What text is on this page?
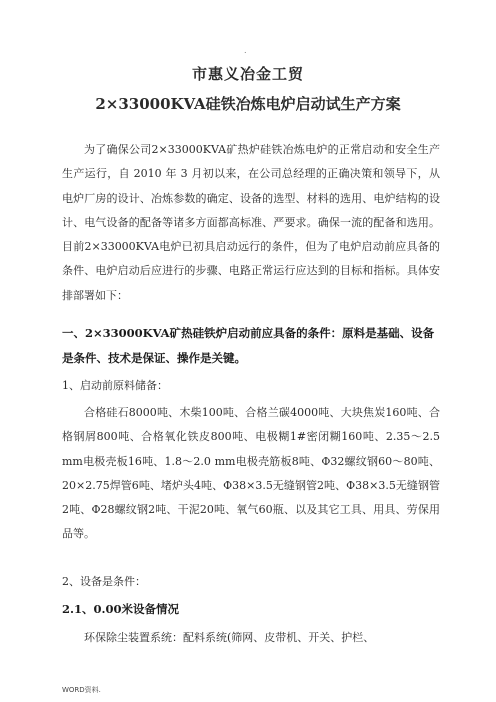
.
市惠义冶金工贸
2×33000KVA硅铁冶炼电炉启动试生产方案
为了确保公司2×33000KVA矿热炉硅铁冶炼电炉的正常启动和安全生产生产运行，自 2010 年 3 月初以来，在公司总经理的正确决策和领导下，从电炉厂房的设计、冶炼参数的确定、设备的选型、材料的选用、电炉结构的设计、电气设备的配备等诸多方面都高标准、严要求。确保一流的配备和选用。目前2×33000KVA电炉已初具启动远行的条件，但为了电炉启动前应具备的条件、电炉启动后应进行的步骤、电路正常运行应达到的目标和指标。具体安排部署如下：
一、2×33000KVA矿热硅铁炉启动前应具备的条件：原料是基础、设备是条件、技术是保证、操作是关键。
1、启动前原料储备：
合格硅石8000吨、木柴100吨、合格兰碳4000吨、大块焦炭160吨、合格钢屑800吨、合格氧化铁皮800吨、电极糊1#密闭糊160吨、2.35～2.5 mm电极壳板16吨、1.8～2.0 mm电极壳筋板8吨、Φ32螺纹钢60～80吨、20×2.75焊管6吨、堵炉头4吨、Φ38×3.5无缝钢管2吨、Φ38×3.5无缝钢管2吨、Φ28螺纹钢2吨、干泥20吨、氧气60瓶、以及其它工具、用具、劳保用品等。
2、设备是条件：
2.1、0.00米设备情况
环保除尘装置系统：配料系统(筛网、皮带机、开关、护栏、
WORD资料.
